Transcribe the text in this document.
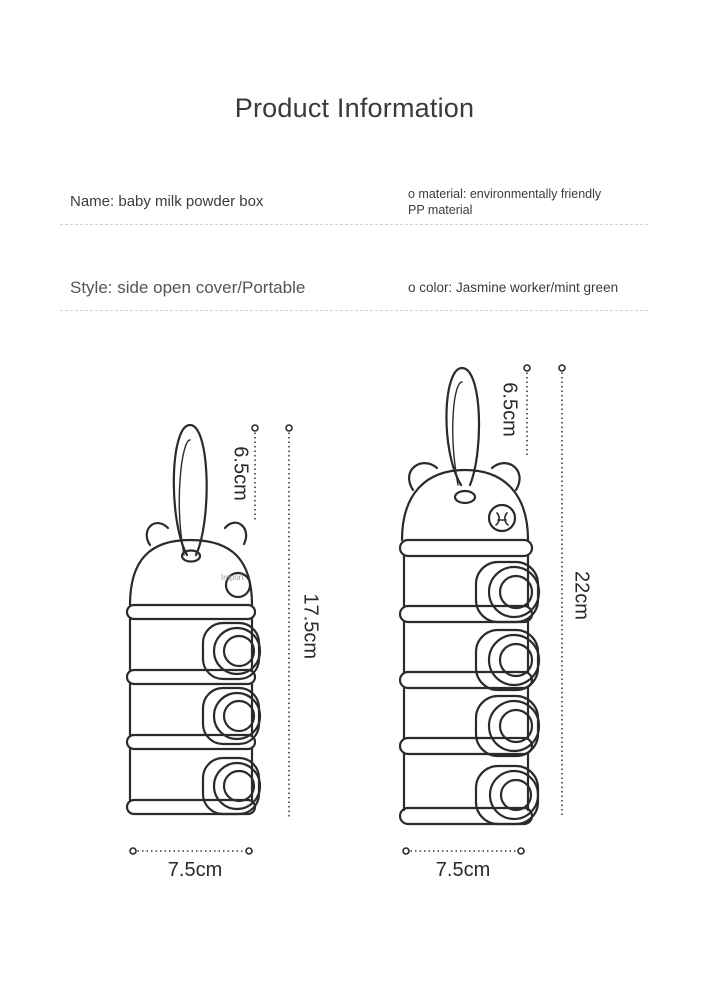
Product Information
Name: baby milk powder box	o material: environmentally friendly
PP material
Style: side open cover/Portable	o color: Jasmine worker/mint green
Import
6.5cm
17.5cm
7.5cm
6.5cm
22cm
7.5cm
